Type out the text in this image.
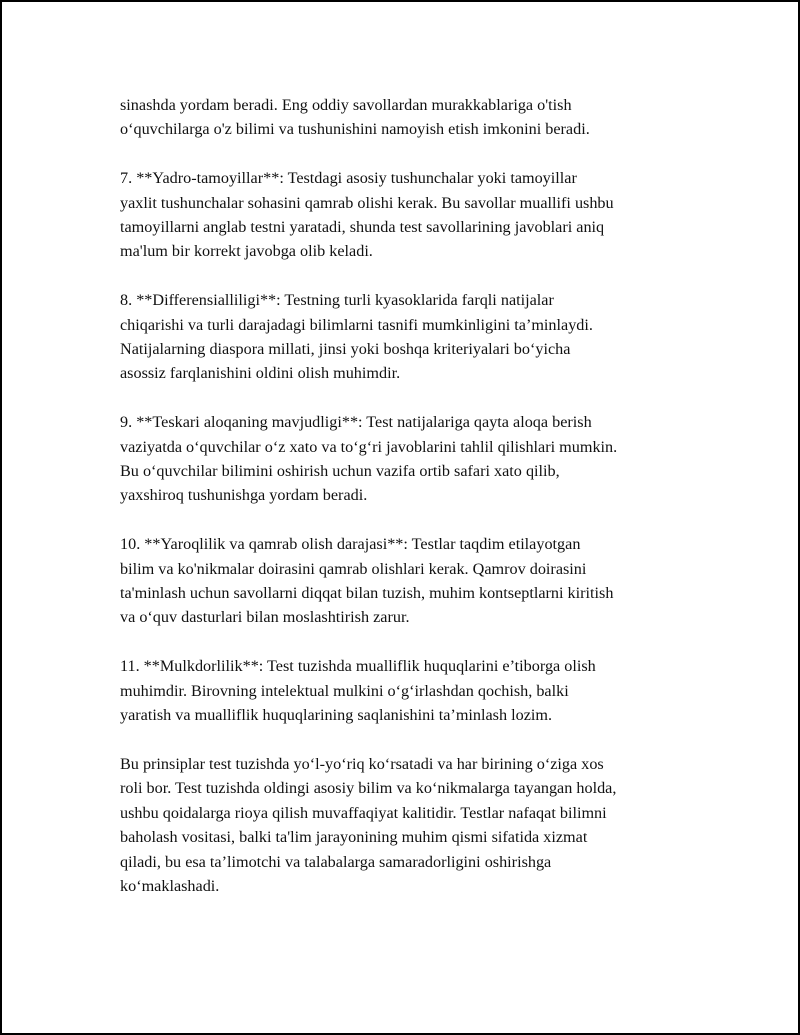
sinashda yordam beradi. Eng oddiy savollardan murakkablariga o'tish
o‘quvchilarga o'z bilimi va tushunishini namoyish etish imkonini beradi.

7. **Yadro-tamoyillar**: Testdagi asosiy tushunchalar yoki tamoyillar
yaxlit tushunchalar sohasini qamrab olishi kerak. Bu savollar muallifi ushbu
tamoyillarni anglab testni yaratadi, shunda test savollarining javoblari aniq
ma'lum bir korrekt javobga olib keladi.

8. **Differensialliligi**: Testning turli kyasoklarida farqli natijalar
chiqarishi va turli darajadagi bilimlarni tasnifi mumkinligini ta’minlaydi.
Natijalarning diaspora millati, jinsi yoki boshqa kriteriyalari bo‘yicha
asossiz farqlanishini oldini olish muhimdir.

9. **Teskari aloqaning mavjudligi**: Test natijalariga qayta aloqa berish
vaziyatda o‘quvchilar o‘z xato va to‘g‘ri javoblarini tahlil qilishlari mumkin.
Bu o‘quvchilar bilimini oshirish uchun vazifa ortib safari xato qilib,
yaxshiroq tushunishga yordam beradi.

10. **Yaroqlilik va qamrab olish darajasi**: Testlar taqdim etilayotgan
bilim va ko'nikmalar doirasini qamrab olishlari kerak. Qamrov doirasini
ta'minlash uchun savollarni diqqat bilan tuzish, muhim kontseptlarni kiritish
va o‘quv dasturlari bilan moslashtirish zarur.

11. **Mulkdorlilik**: Test tuzishda mualliflik huquqlarini e’tiborga olish
muhimdir. Birovning intelektual mulkini o‘g‘irlashdan qochish, balki
yaratish va mualliflik huquqlarining saqlanishini ta’minlash lozim.

Bu prinsiplar test tuzishda yo‘l-yo‘riq ko‘rsatadi va har birining o‘ziga xos
roli bor. Test tuzishda oldingi asosiy bilim va ko‘nikmalarga tayangan holda,
ushbu qoidalarga rioya qilish muvaffaqiyat kalitidir. Testlar nafaqat bilimni
baholash vositasi, balki ta'lim jarayonining muhim qismi sifatida xizmat
qiladi, bu esa ta’limotchi va talabalarga samaradorligini oshirishga
ko‘maklashadi.
